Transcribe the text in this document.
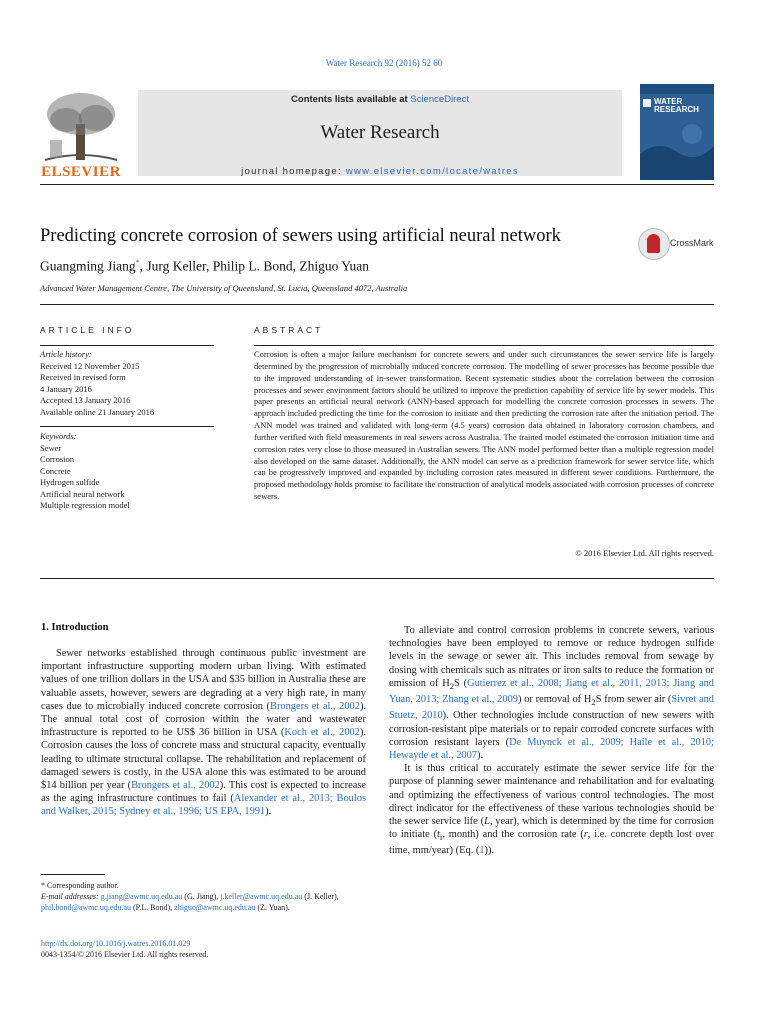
Water Research 92 (2016) 52 60
ELSEVIER
Contents lists available at ScienceDirect
Water Research
journal homepage: www.elsevier.com/locate/watres
WATER
RESEARCH
Predicting concrete corrosion of sewers using artificial neural network	CrossMark
Guangming Jiang*, Jurg Keller, Philip L. Bond, Zhiguo Yuan
Advanced Water Management Centre, The University of Queensland, St. Lucia, Queensland 4072, Australia
ARTICLE INFO
Article history:
Received 12 November 2015
Received in revised form
4 January 2016
Accepted 13 January 2016
Available online 21 January 2016
Keywords:
Sewer
Corrosion
Concrete
Hydrogen sulfide
Artificial neural network
Multiple regression model
ABSTRACT
Corrosion is often a major failure mechanism for concrete sewers and under such circumstances the sewer service life is largely determined by the progression of microbially induced concrete corrosion. The modelling of sewer processes has become possible due to the improved understanding of in-sewer transformation. Recent systematic studies about the correlation between the corrosion processes and sewer environment factors should be utilized to improve the prediction capability of service life by sewer models. This paper presents an artificial neural network (ANN)-based approach for modelling the concrete corrosion processes in sewers. The approach included predicting the time for the corrosion to initiate and then predicting the corrosion rate after the initiation period. The ANN model was trained and validated with long-term (4.5 years) corrosion data obtained in laboratory corrosion chambers, and further verified with field measurements in real sewers across Australia. The trained model estimated the corrosion initiation time and corrosion rates very close to those measured in Australian sewers. The ANN model performed better than a multiple regression model also developed on the same dataset. Additionally, the ANN model can serve as a prediction framework for sewer service life, which can be progressively improved and expanded by including corrosion rates measured in different sewer conditions. Furthermore, the proposed methodology holds promise to facilitate the construction of analytical models associated with corrosion processes of concrete sewers.
© 2016 Elsevier Ltd. All rights reserved.
1. Introduction

Sewer networks established through continuous public investment are important infrastructure supporting modern urban living. With estimated values of one trillion dollars in the USA and $35 billion in Australia these are valuable assets, however, sewers are degrading at a very high rate, in many cases due to microbially induced concrete corrosion (Brongers et al., 2002). The annual total cost of corrosion within the water and wastewater infrastructure is reported to be US$ 36 billion in USA (Koch et al., 2002). Corrosion causes the loss of concrete mass and structural capacity, eventually leading to ultimate structural collapse. The rehabilitation and replacement of damaged sewers is costly, in the USA alone this was estimated to be around $14 billion per year (Brongers et al., 2002). This cost is expected to increase as the aging infrastructure continues to fail (Alexander et al., 2013; Boulos and Walker, 2015; Sydney et al., 1996; US EPA, 1991).

To alleviate and control corrosion problems in concrete sewers, various technologies have been employed to remove or reduce hydrogen sulfide levels in the sewage or sewer air. This includes removal from sewage by dosing with chemicals such as nitrates or iron salts to reduce the formation or emission of $H_2S$ (Gutierrez et al., 2008; Jiang et al., 2011, 2013; Jiang and Yuan, 2013; Zhang et al., 2009) or removal of $H_2S$ from sewer air (Sivret and Stuetz, 2010). Other technologies include construction of new sewers with corrosion-resistant pipe materials or to repair corroded concrete surfaces with corrosion resistant layers (De Muynck et al., 2009; Haile et al., 2010; Hewayde et al., 2007).

It is thus critical to accurately estimate the sewer service life for the purpose of planning sewer maintenance and rehabilitation and for evaluating and optimizing the effectiveness of various control technologies. The most direct indicator for the effectiveness of these various technologies should be the sewer service life (L, year), which is determined by the time for corrosion to initiate ($t_i$, month) and the corrosion rate (r, i.e. concrete depth lost over time, mm/year) (Eq. (1)).

* Corresponding author.
E-mail addresses: g.jiang@awmc.uq.edu.au (G. Jiang), j.keller@awmc.uq.edu.au (J. Keller), phil.bond@awmc.uq.edu.au (P.L. Bond), zhiguo@awmc.uq.edu.au (Z. Yuan).
http://dx.doi.org/10.1016/j.watres.2016.01.029
0043-1354/© 2016 Elsevier Ltd. All rights reserved.
